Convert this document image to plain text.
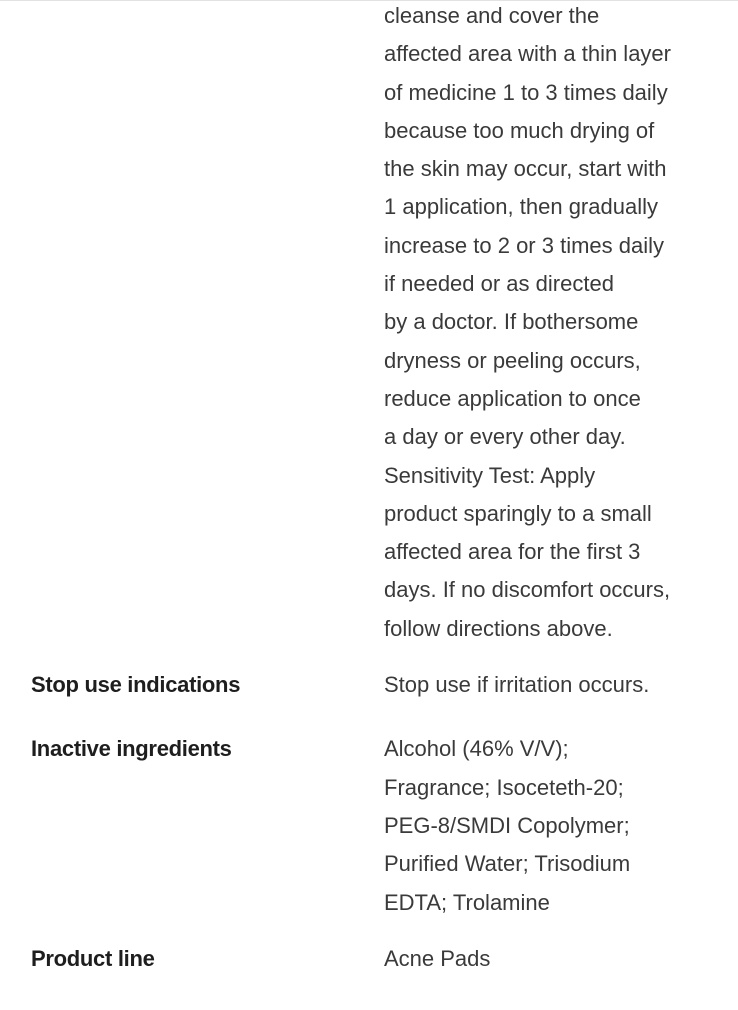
cleanse and cover the
affected area with a thin layer
of medicine 1 to 3 times daily
because too much drying of
the skin may occur, start with
1 application, then gradually
increase to 2 or 3 times daily
if needed or as directed
by a doctor. If bothersome
dryness or peeling occurs,
reduce application to once
a day or every other day.
Sensitivity Test: Apply
product sparingly to a small
affected area for the first 3
days. If no discomfort occurs,
follow directions above.
Stop use indications	Stop use if irritation occurs.
Inactive ingredients	Alcohol (46% V/V);
Fragrance; Isoceteth-20;
PEG-8/SMDI Copolymer;
Purified Water; Trisodium
EDTA; Trolamine
Product line	Acne Pads
